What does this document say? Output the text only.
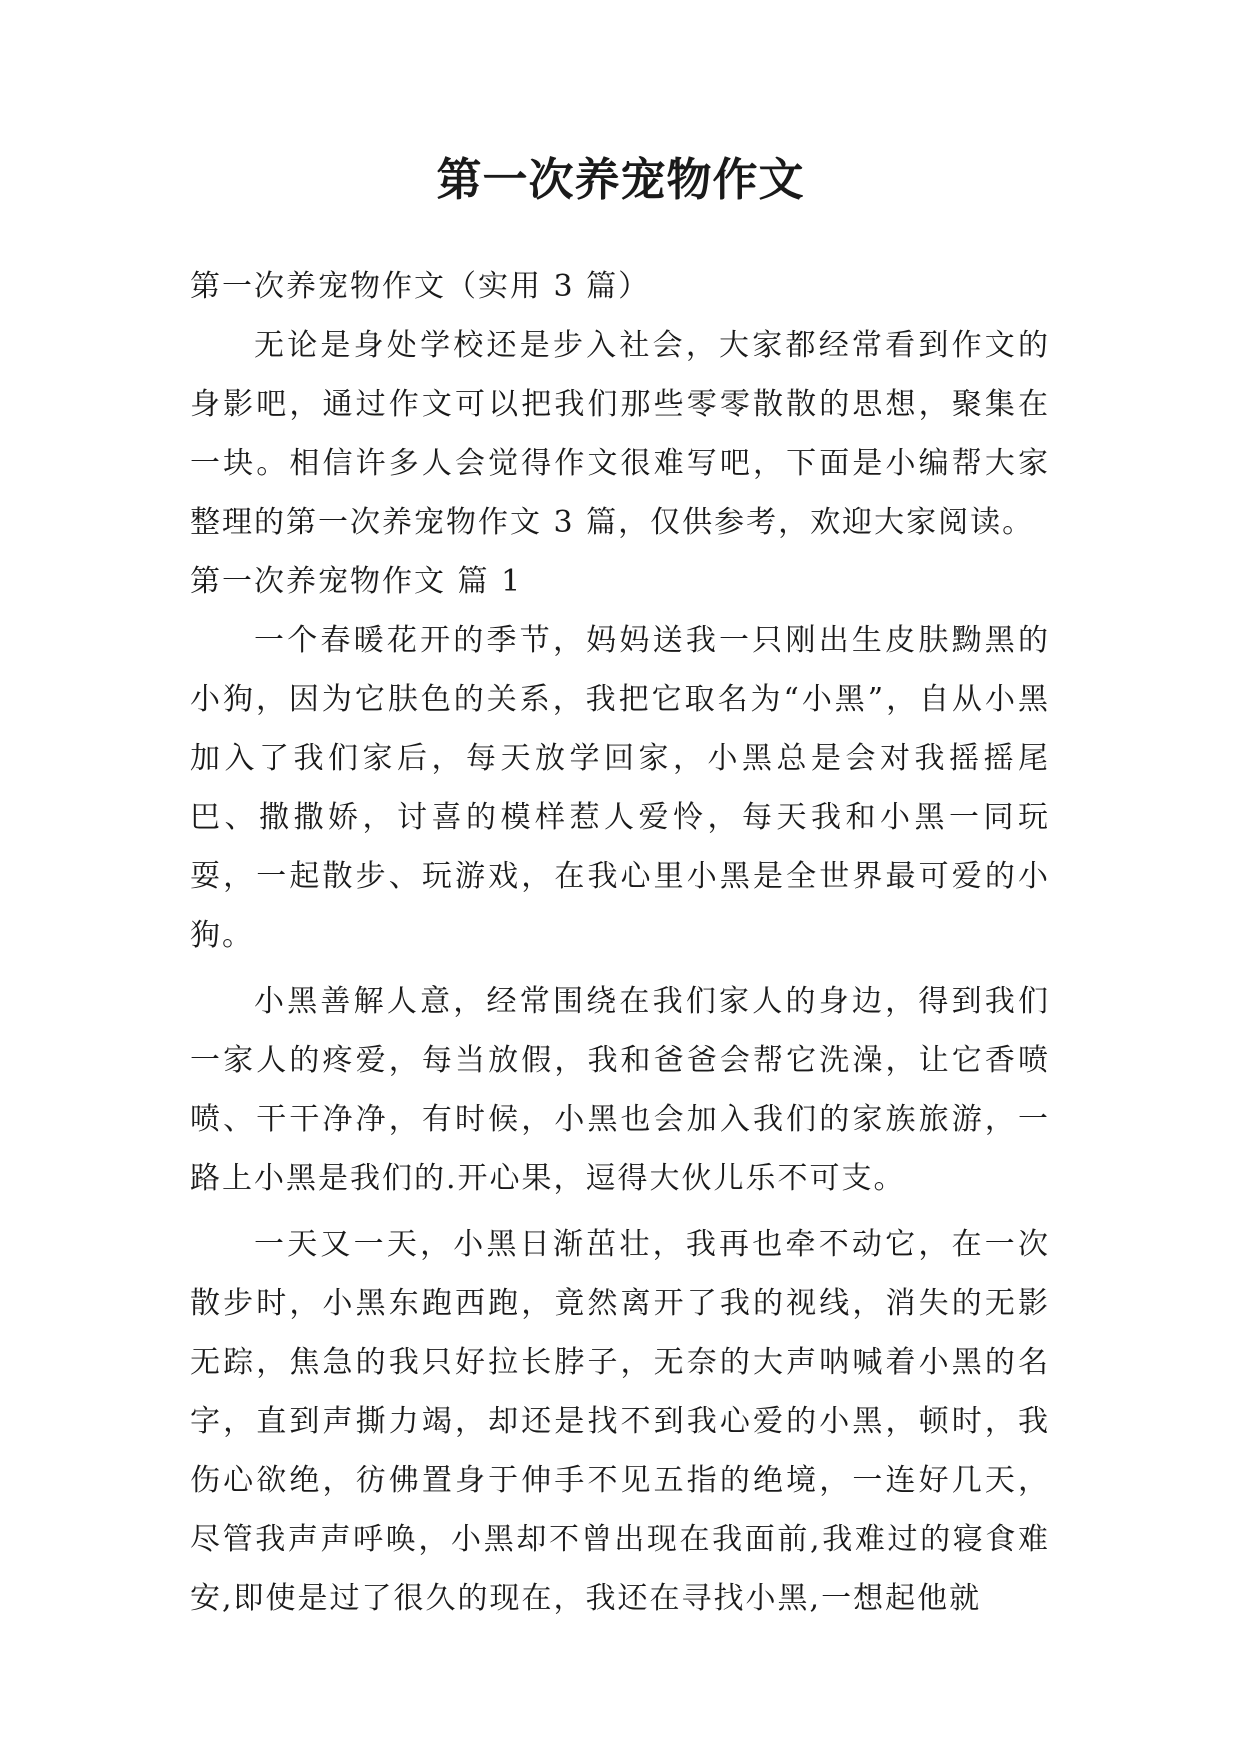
第一次养宠物作文

第一次养宠物作文（实用 3 篇）

无论是身处学校还是步入社会，大家都经常看到作文的身影吧，通过作文可以把我们那些零零散散的思想，聚集在一块。相信许多人会觉得作文很难写吧，下面是小编帮大家整理的第一次养宠物作文 3 篇，仅供参考，欢迎大家阅读。

第一次养宠物作文 篇 1

一个春暖花开的季节，妈妈送我一只刚出生皮肤黝黑的小狗，因为它肤色的关系，我把它取名为“小黑”，自从小黑加入了我们家后，每天放学回家，小黑总是会对我摇摇尾巴、撒撒娇，讨喜的模样惹人爱怜，每天我和小黑一同玩耍，一起散步、玩游戏，在我心里小黑是全世界最可爱的小狗。

小黑善解人意，经常围绕在我们家人的身边，得到我们一家人的疼爱，每当放假，我和爸爸会帮它洗澡，让它香喷喷、干干净净，有时候，小黑也会加入我们的家族旅游，一路上小黑是我们的.开心果，逗得大伙儿乐不可支。

一天又一天，小黑日渐茁壮，我再也牵不动它，在一次散步时，小黑东跑西跑，竟然离开了我的视线，消失的无影无踪，焦急的我只好拉长脖子，无奈的大声呐喊着小黑的名字，直到声撕力竭，却还是找不到我心爱的小黑，顿时，我伤心欲绝，彷佛置身于伸手不见五指的绝境，一连好几天，尽管我声声呼唤，小黑却不曾出现在我面前,我难过的寝食难安,即使是过了很久的现在，我还在寻找小黑,一想起他就
